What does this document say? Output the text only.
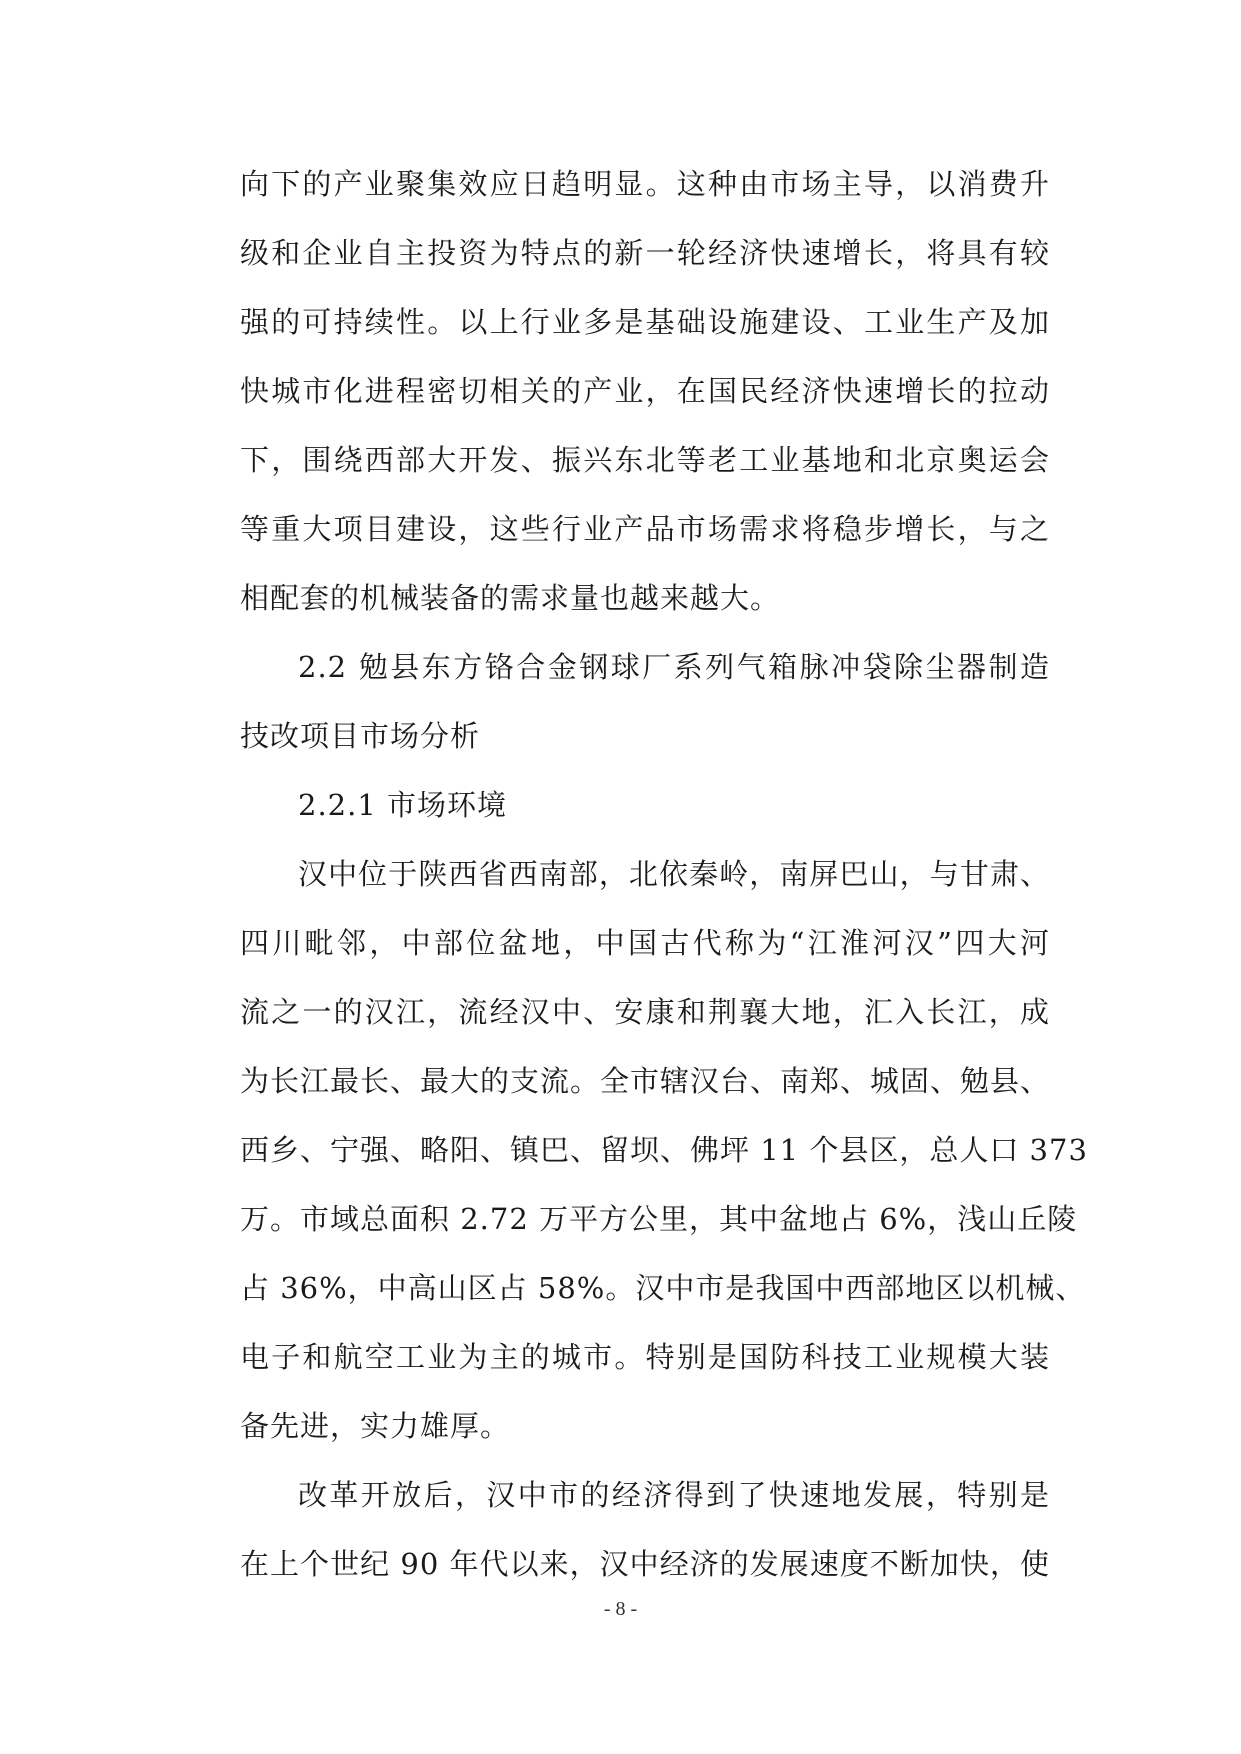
向下的产业聚集效应日趋明显。这种由市场主导，以消费升
级和企业自主投资为特点的新一轮经济快速增长，将具有较
强的可持续性。以上行业多是基础设施建设、工业生产及加
快城市化进程密切相关的产业，在国民经济快速增长的拉动
下，围绕西部大开发、振兴东北等老工业基地和北京奥运会
等重大项目建设，这些行业产品市场需求将稳步增长，与之
相配套的机械装备的需求量也越来越大。
2.2 勉县东方铬合金钢球厂系列气箱脉冲袋除尘器制造
技改项目市场分析
2.2.1 市场环境
汉中位于陕西省西南部，北依秦岭，南屏巴山，与甘肃、
四川毗邻，中部位盆地，中国古代称为“江淮河汉”四大河
流之一的汉江，流经汉中、安康和荆襄大地，汇入长江，成
为长江最长、最大的支流。全市辖汉台、南郑、城固、勉县、
西乡、宁强、略阳、镇巴、留坝、佛坪 11 个县区，总人口 373
万。市域总面积 2.72 万平方公里，其中盆地占 6%，浅山丘陵
占 36%，中高山区占 58%。汉中市是我国中西部地区以机械、
电子和航空工业为主的城市。特别是国防科技工业规模大装
备先进，实力雄厚。
改革开放后，汉中市的经济得到了快速地发展，特别是
在上个世纪 90 年代以来，汉中经济的发展速度不断加快，使
- 8 -
